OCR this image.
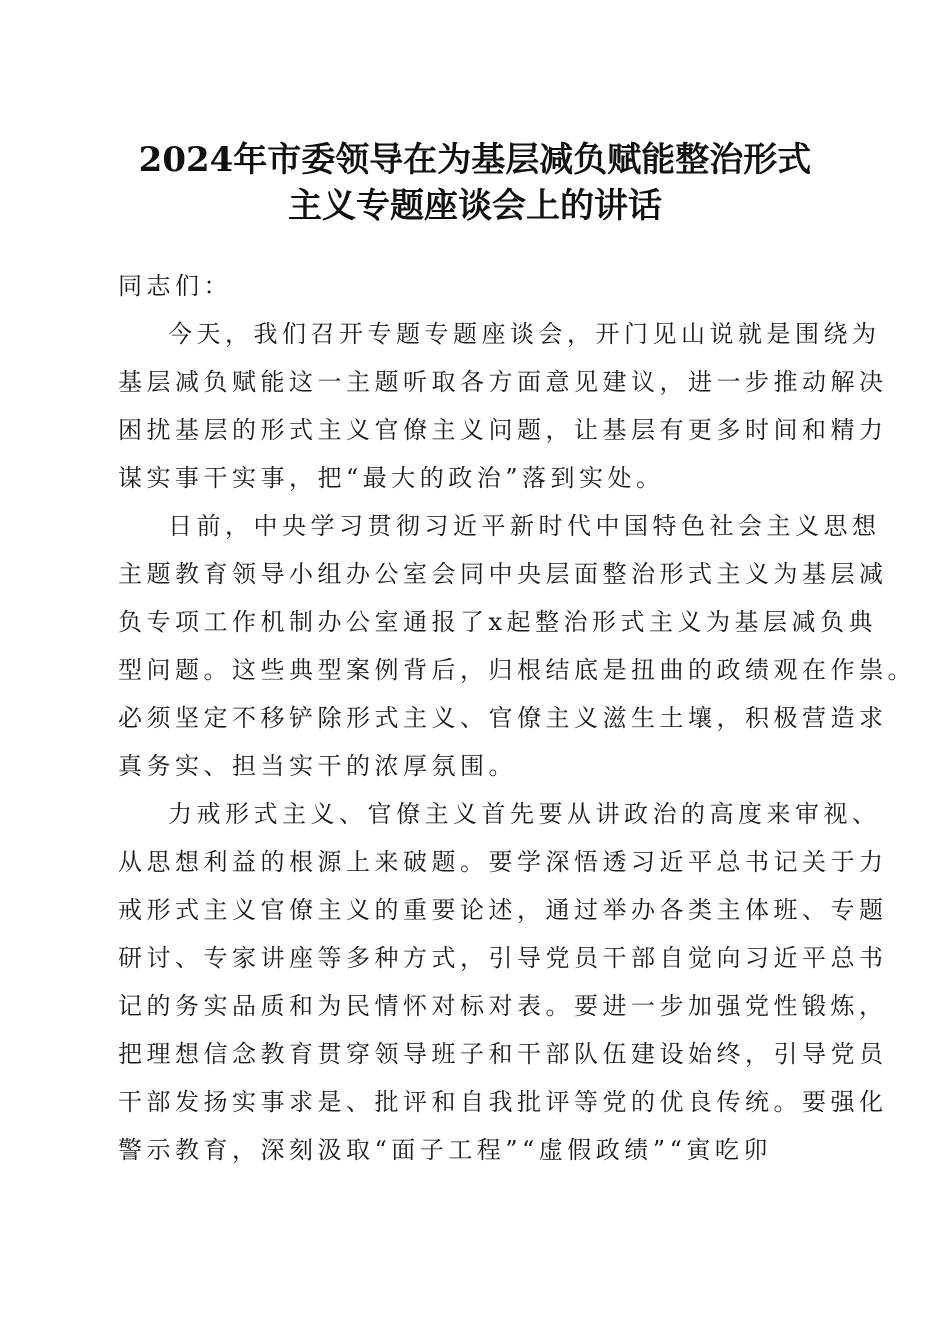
2024年市委领导在为基层减负赋能整治形式
主义专题座谈会上的讲话
同志们：
今天，我们召开专题专题座谈会，开门见山说就是围绕为
基层减负赋能这一主题听取各方面意见建议，进一步推动解决
困扰基层的形式主义官僚主义问题，让基层有更多时间和精力
谋实事干实事，把“最大的政治”落到实处。
日前，中央学习贯彻习近平新时代中国特色社会主义思想
主题教育领导小组办公室会同中央层面整治形式主义为基层减
负专项工作机制办公室通报了x起整治形式主义为基层减负典
型问题。这些典型案例背后，归根结底是扭曲的政绩观在作祟。
必须坚定不移铲除形式主义、官僚主义滋生土壤，积极营造求
真务实、担当实干的浓厚氛围。
力戒形式主义、官僚主义首先要从讲政治的高度来审视、
从思想利益的根源上来破题。要学深悟透习近平总书记关于力
戒形式主义官僚主义的重要论述，通过举办各类主体班、专题
研讨、专家讲座等多种方式，引导党员干部自觉向习近平总书
记的务实品质和为民情怀对标对表。要进一步加强党性锻炼，
把理想信念教育贯穿领导班子和干部队伍建设始终，引导党员
干部发扬实事求是、批评和自我批评等党的优良传统。要强化
警示教育，深刻汲取“面子工程”“虚假政绩”“寅吃卯
